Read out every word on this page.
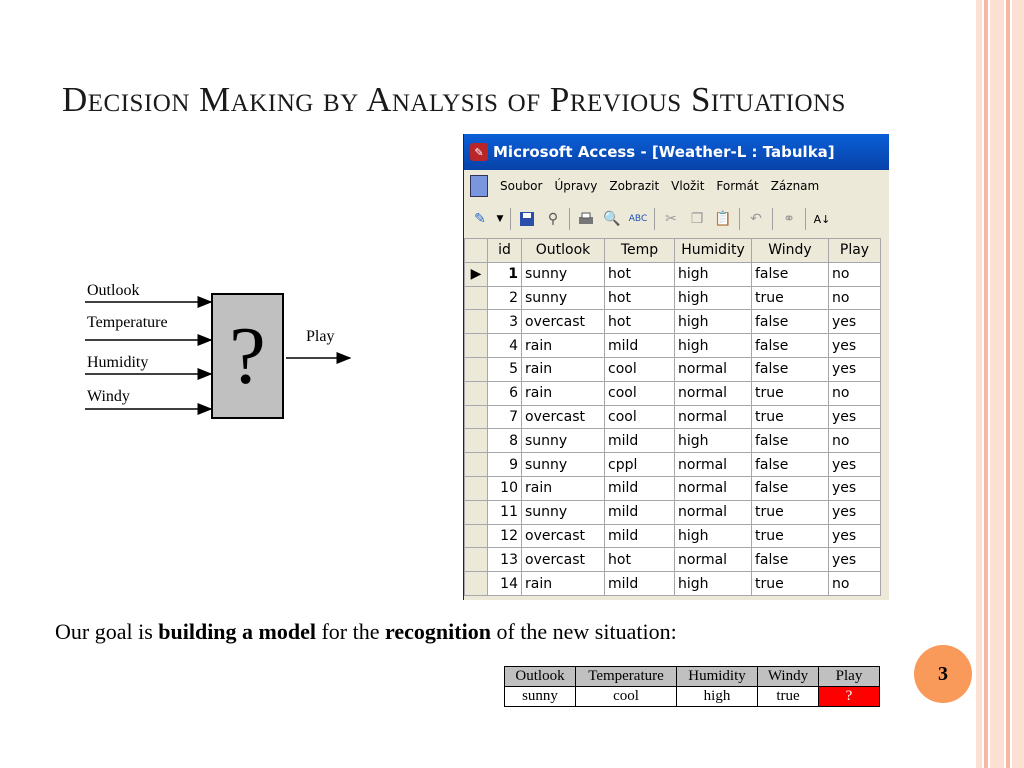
Decision Making by Analysis of Previous Situations
Outlook
Temperature
Humidity
Windy ?	Play
✎ Microsoft Access - [Weather-L : Tabulka]
Soubor Úpravy Zobrazit Vložit Formát Záznam
✎	▼	⚲	🔍 ABC ✂ ❐ 📋 ↶ ⚭	A↓
	id	Outlook	Temp	Humidity	Windy	Play
▶	1	sunny	hot	high	false	no
	2	sunny	hot	high	true	no
	3	overcast	hot	high	false	yes
	4	rain	mild	high	false	yes
	5	rain	cool	normal	false	yes
	6	rain	cool	normal	true	no
	7	overcast	cool	normal	true	yes
	8	sunny	mild	high	false	no
	9	sunny	cppl	normal	false	yes
	10	rain	mild	normal	false	yes
	11	sunny	mild	normal	true	yes
	12	overcast	mild	high	true	yes
	13	overcast	hot	normal	false	yes
	14	rain	mild	high	true	no
Our goal is building a model for the recognition of the new situation:
Outlook	Temperature	Humidity	Windy	Play
sunny	cool	high	true	?
3
